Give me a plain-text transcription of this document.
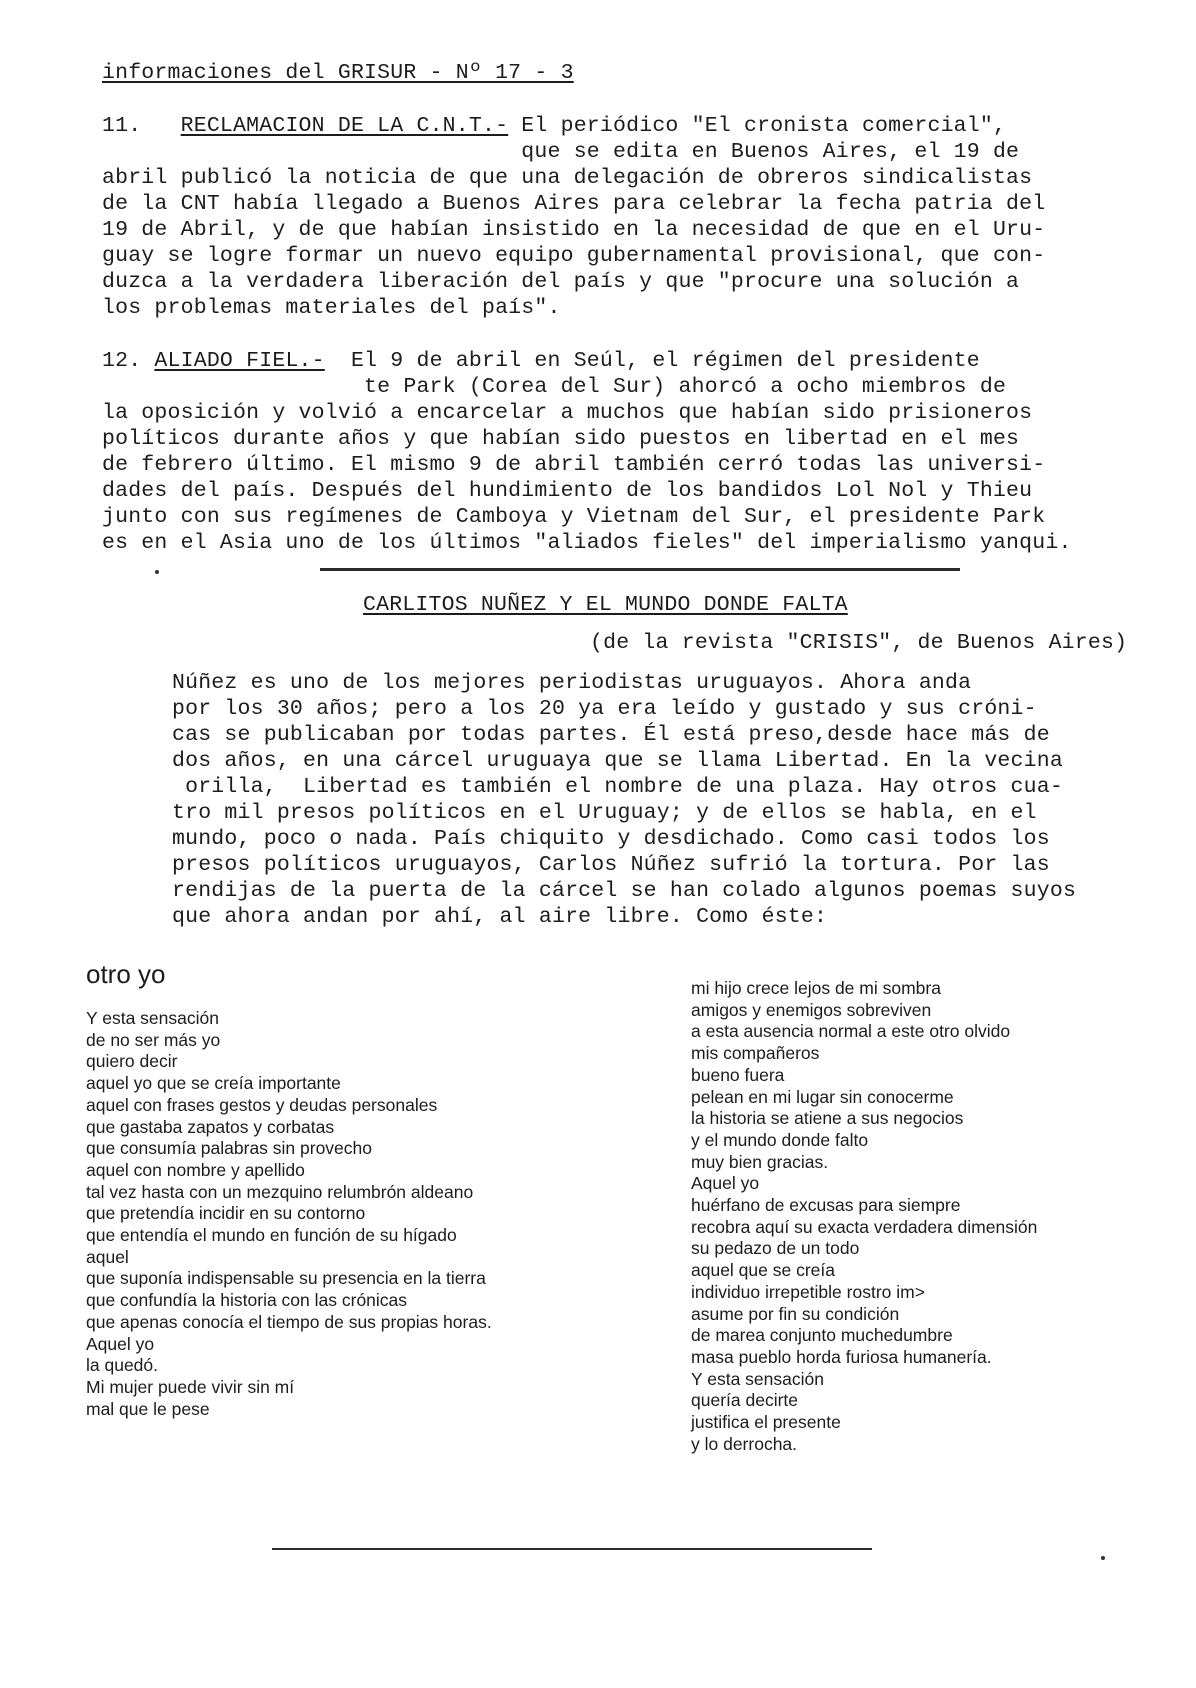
informaciones del GRISUR - Nº 17 - 3
11. RECLAMACION DE LA C.N.T.- El periódico "El cronista comercial",
que se edita en Buenos Aires, el 19 de
abril publicó la noticia de que una delegación de obreros sindicalistas
de la CNT había llegado a Buenos Aires para celebrar la fecha patria del
19 de Abril, y de que habían insistido en la necesidad de que en el Uru-
guay se logre formar un nuevo equipo gubernamental provisional, que con-
duzca a la verdadera liberación del país y que "procure una solución a
los problemas materiales del país".
12. ALIADO FIEL.- El 9 de abril en Seúl, el régimen del presidente
te Park (Corea del Sur) ahorcó a ocho miembros de
la oposición y volvió a encarcelar a muchos que habían sido prisioneros
políticos durante años y que habían sido puestos en libertad en el mes
de febrero último. El mismo 9 de abril también cerró todas las universi-
dades del país. Después del hundimiento de los bandidos Lol Nol y Thieu
junto con sus regímenes de Camboya y Vietnam del Sur, el presidente Park
es en el Asia uno de los últimos "aliados fieles" del imperialismo yanqui.
CARLITOS NUÑEZ Y EL MUNDO DONDE FALTA
(de la revista "CRISIS", de Buenos Aires)
Núñez es uno de los mejores periodistas uruguayos. Ahora anda
por los 30 años; pero a los 20 ya era leído y gustado y sus cróni-
cas se publicaban por todas partes. Él está preso,desde hace más de
dos años, en una cárcel uruguaya que se llama Libertad. En la vecina
orilla,  Libertad es también el nombre de una plaza. Hay otros cua-
tro mil presos políticos en el Uruguay; y de ellos se habla, en el
mundo, poco o nada. País chiquito y desdichado. Como casi todos los
presos políticos uruguayos, Carlos Núñez sufrió la tortura. Por las
rendijas de la puerta de la cárcel se han colado algunos poemas suyos
que ahora andan por ahí, al aire libre. Como éste:
otro yo
Y esta sensación
de no ser más yo
quiero decir
aquel yo que se creía importante
aquel con frases gestos y deudas personales
que gastaba zapatos y corbatas
que consumía palabras sin provecho
aquel con nombre y apellido
tal vez hasta con un mezquino relumbrón aldeano
que pretendía incidir en su contorno
que entendía el mundo en función de su hígado
aquel
que suponía indispensable su presencia en la tierra
que confundía la historia con las crónicas
que apenas conocía el tiempo de sus propias horas.
Aquel yo
la quedó.
Mi mujer puede vivir sin mí
mal que le pese
mi hijo crece lejos de mi sombra
amigos y enemigos sobreviven
a esta ausencia normal a este otro olvido
mis compañeros
bueno fuera
pelean en mi lugar sin conocerme
la historia se atiene a sus negocios
y el mundo donde falto
muy bien gracias.
Aquel yo
huérfano de excusas para siempre
recobra aquí su exacta verdadera dimensión
su pedazo de un todo
aquel que se creía
individuo irrepetible rostro im>
asume por fin su condición
de marea conjunto muchedumbre
masa pueblo horda furiosa humanería.
Y esta sensación
quería decirte
justifica el presente
y lo derrocha.
